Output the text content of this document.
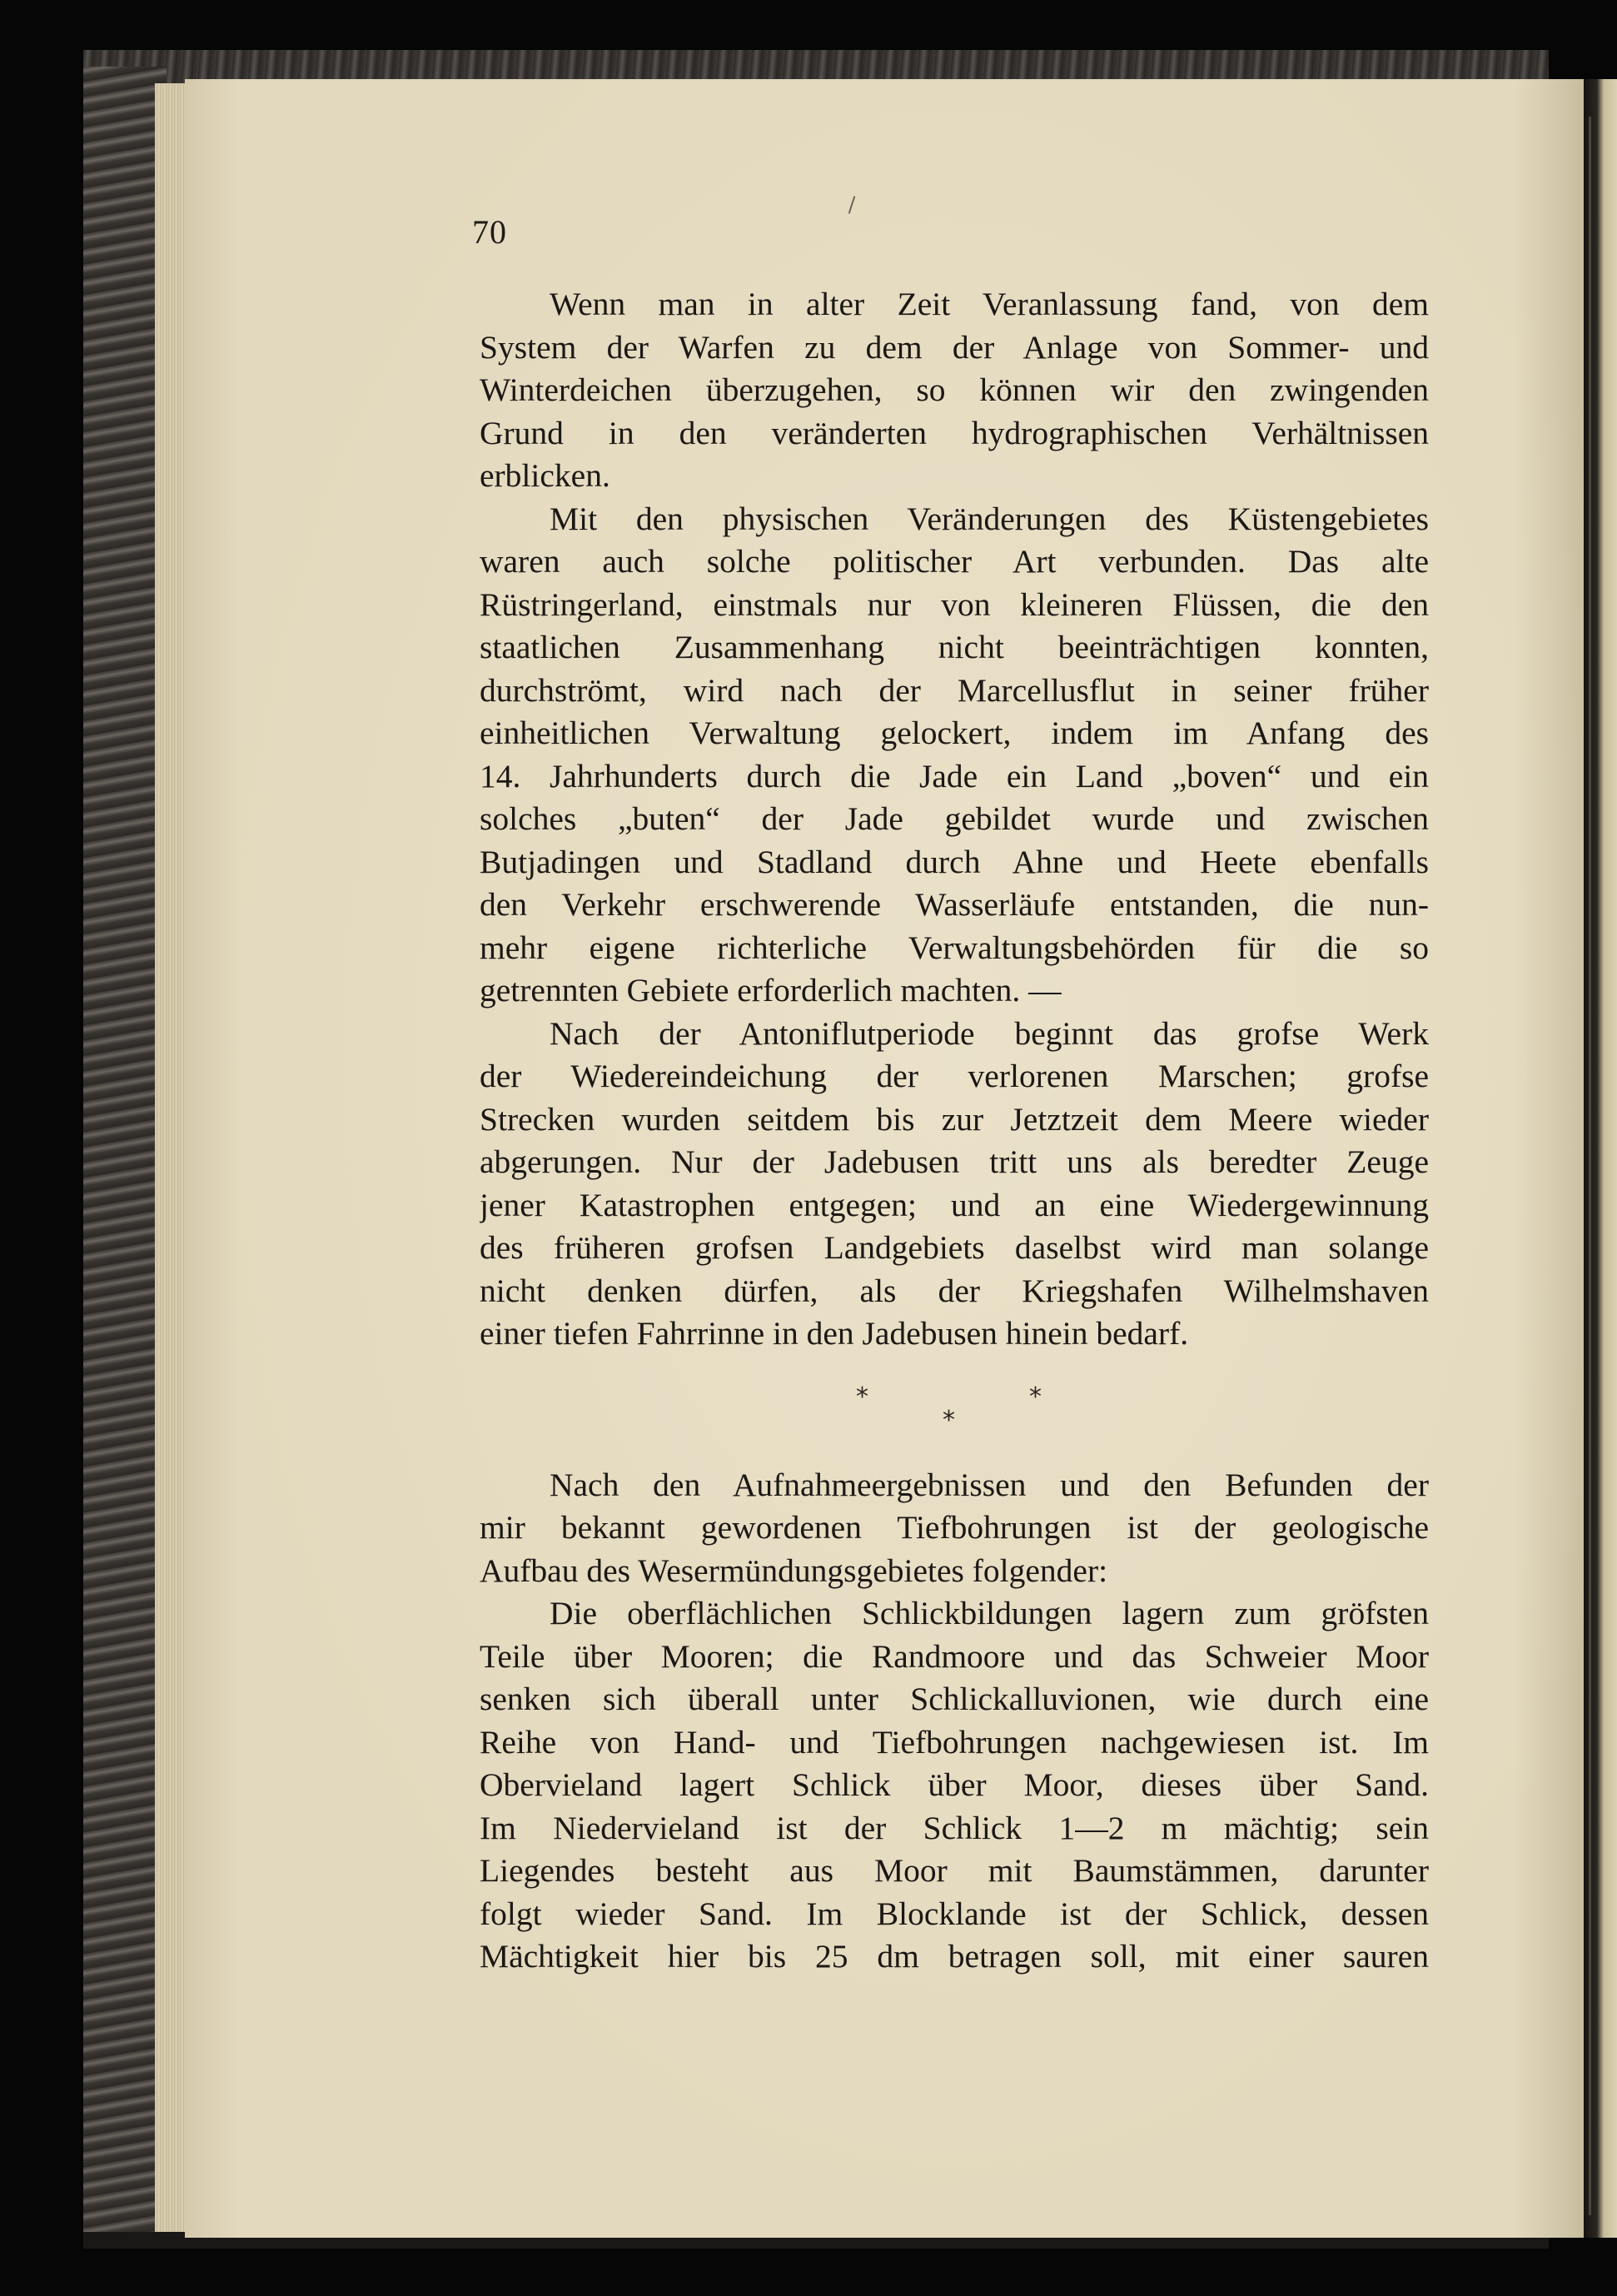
70
Wenn man in alter Zeit Veranlassung fand, von dem
System der Warfen zu dem der Anlage von Sommer- und
Winterdeichen überzugehen, so können wir den zwingenden
Grund in den veränderten hydrographischen Verhältnissen
erblicken.
Mit den physischen Veränderungen des Küstengebietes
waren auch solche politischer Art verbunden. Das alte
Rüstringerland, einstmals nur von kleineren Flüssen, die den
staatlichen Zusammenhang nicht beeinträchtigen konnten,
durchströmt, wird nach der Marcellusflut in seiner früher
einheitlichen Verwaltung gelockert, indem im Anfang des
14. Jahrhunderts durch die Jade ein Land „boven“ und ein
solches „buten“ der Jade gebildet wurde und zwischen
Butjadingen und Stadland durch Ahne und Heete ebenfalls
den Verkehr erschwerende Wasserläufe entstanden, die nun-
mehr eigene richterliche Verwaltungsbehörden für die so
getrennten Gebiete erforderlich machten. —
Nach der Antoniflutperiode beginnt das grofse Werk
der Wiedereindeichung der verlorenen Marschen; grofse
Strecken wurden seitdem bis zur Jetztzeit dem Meere wieder
abgerungen. Nur der Jadebusen tritt uns als beredter Zeuge
jener Katastrophen entgegen; und an eine Wiedergewinnung
des früheren grofsen Landgebiets daselbst wird man solange
nicht denken dürfen, als der Kriegshafen Wilhelmshaven
einer tiefen Fahrrinne in den Jadebusen hinein bedarf.
*	*
*
Nach den Aufnahmeergebnissen und den Befunden der
mir bekannt gewordenen Tiefbohrungen ist der geologische
Aufbau des Wesermündungsgebietes folgender:
Die oberflächlichen Schlickbildungen lagern zum gröfsten
Teile über Mooren; die Randmoore und das Schweier Moor
senken sich überall unter Schlickalluvionen, wie durch eine
Reihe von Hand- und Tiefbohrungen nachgewiesen ist. Im
Obervieland lagert Schlick über Moor, dieses über Sand.
Im Niedervieland ist der Schlick 1—2 m mächtig; sein
Liegendes besteht aus Moor mit Baumstämmen, darunter
folgt wieder Sand. Im Blocklande ist der Schlick, dessen
Mächtigkeit hier bis 25 dm betragen soll, mit einer sauren
